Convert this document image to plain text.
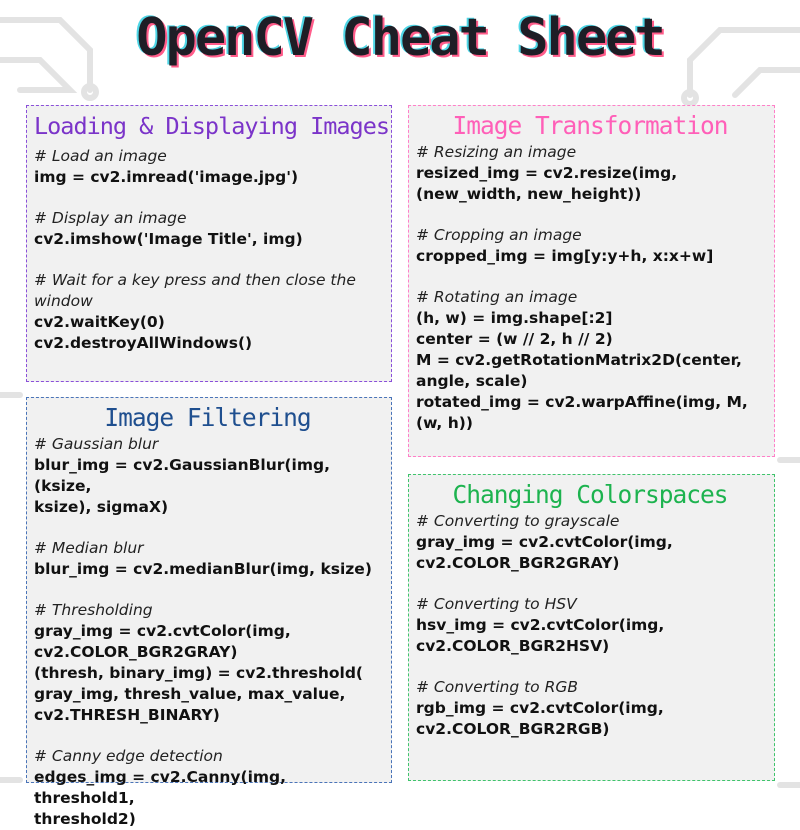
OpenCV Cheat Sheet
Loading & Displaying Images
# Load an image
img = cv2.imread('image.jpg')
# Display an image
cv2.imshow('Image Title', img)
# Wait for a key press and then close the window
cv2.waitKey(0)
cv2.destroyAllWindows()
Image Transformation
# Resizing an image
resized_img = cv2.resize(img,
(new_width, new_height))
# Cropping an image
cropped_img = img[y:y+h, x:x+w]
# Rotating an image
(h, w) = img.shape[:2]
center = (w // 2, h // 2)
M = cv2.getRotationMatrix2D(center,
angle, scale)
rotated_img = cv2.warpAffine(img, M,
(w, h))
Image Filtering
# Gaussian blur
blur_img = cv2.GaussianBlur(img, (ksize,
ksize), sigmaX)
# Median blur
blur_img = cv2.medianBlur(img, ksize)
# Thresholding
gray_img = cv2.cvtColor(img,
cv2.COLOR_BGR2GRAY)
(thresh, binary_img) = cv2.threshold(
gray_img, thresh_value, max_value,
cv2.THRESH_BINARY)
# Canny edge detection
edges_img = cv2.Canny(img, threshold1,
threshold2)
Changing Colorspaces
# Converting to grayscale
gray_img = cv2.cvtColor(img,
cv2.COLOR_BGR2GRAY)
# Converting to HSV
hsv_img = cv2.cvtColor(img,
cv2.COLOR_BGR2HSV)
# Converting to RGB
rgb_img = cv2.cvtColor(img,
cv2.COLOR_BGR2RGB)
